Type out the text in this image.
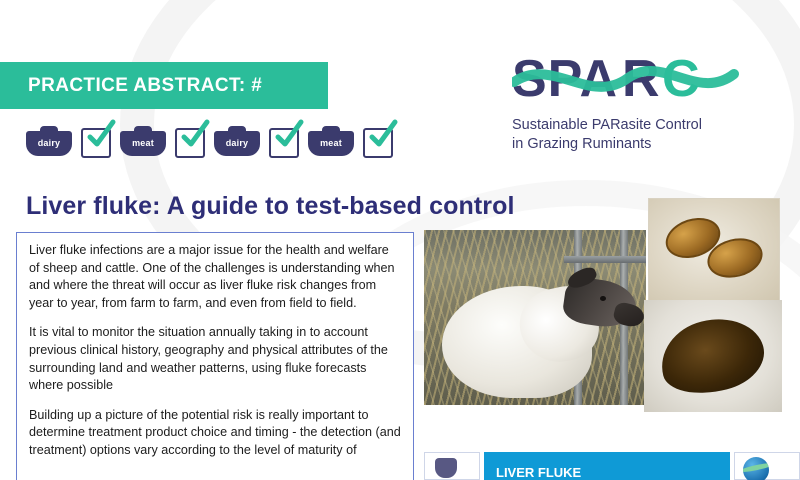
PRACTICE ABSTRACT: #	SPA R C
Sustainable PARasite Control
in Grazing Ruminants
dairy	meat	dairy	meat
Liver fluke: A guide to test-based control

Liver fluke infections are a major issue for the health and welfare of sheep and cattle. One of the challenges is understanding when and where the threat will occur as liver fluke risk changes from year to year, from farm to farm, and even from field to field.

It is vital to monitor the situation annually taking in to account previous clinical history, geography and physical attributes of the surrounding land and weather patterns, using fluke forecasts where possible

Building up a picture of the potential risk is really important to determine treatment product choice and timing - the detection (and treatment) options vary according to the level of maturity of

LIVER FLUKE
